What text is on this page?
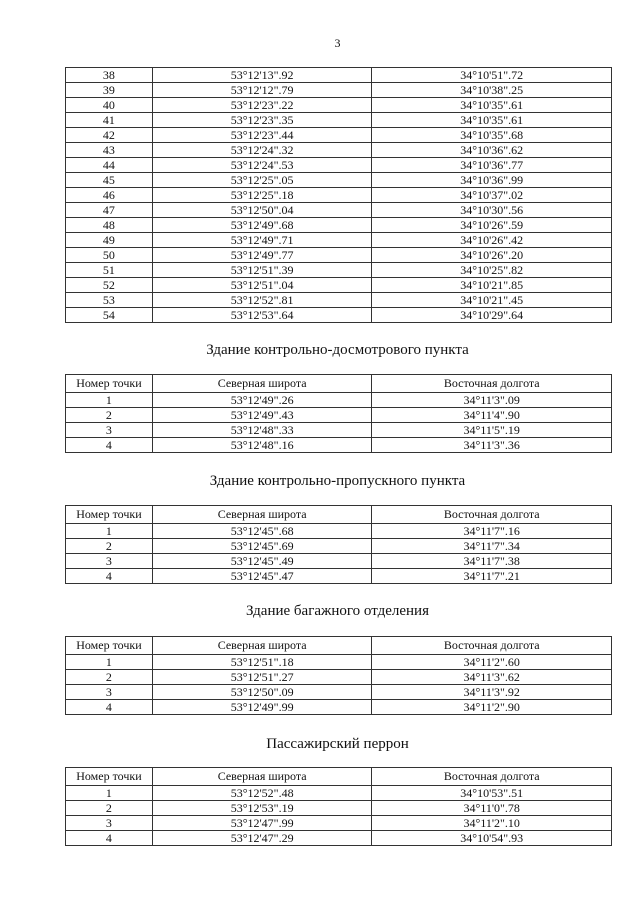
3
38	53°12'13".92	34°10'51".72
39	53°12'12".79	34°10'38".25
40	53°12'23".22	34°10'35".61
41	53°12'23".35	34°10'35".61
42	53°12'23".44	34°10'35".68
43	53°12'24".32	34°10'36".62
44	53°12'24".53	34°10'36".77
45	53°12'25".05	34°10'36".99
46	53°12'25".18	34°10'37".02
47	53°12'50".04	34°10'30".56
48	53°12'49".68	34°10'26".59
49	53°12'49".71	34°10'26".42
50	53°12'49".77	34°10'26".20
51	53°12'51".39	34°10'25".82
52	53°12'51".04	34°10'21".85
53	53°12'52".81	34°10'21".45
54	53°12'53".64	34°10'29".64
Здание контрольно-досмотрового пункта
Номер точки	Северная широта	Восточная долгота
1	53°12'49".26	34°11'3".09
2	53°12'49".43	34°11'4".90
3	53°12'48".33	34°11'5".19
4	53°12'48".16	34°11'3".36
Здание контрольно-пропускного пункта
Номер точки	Северная широта	Восточная долгота
1	53°12'45".68	34°11'7".16
2	53°12'45".69	34°11'7".34
3	53°12'45".49	34°11'7".38
4	53°12'45".47	34°11'7".21
Здание багажного отделения
Номер точки	Северная широта	Восточная долгота
1	53°12'51".18	34°11'2".60
2	53°12'51".27	34°11'3".62
3	53°12'50".09	34°11'3".92
4	53°12'49".99	34°11'2".90
Пассажирский перрон
Номер точки	Северная широта	Восточная долгота
1	53°12'52".48	34°10'53".51
2	53°12'53".19	34°11'0".78
3	53°12'47".99	34°11'2".10
4	53°12'47".29	34°10'54".93
